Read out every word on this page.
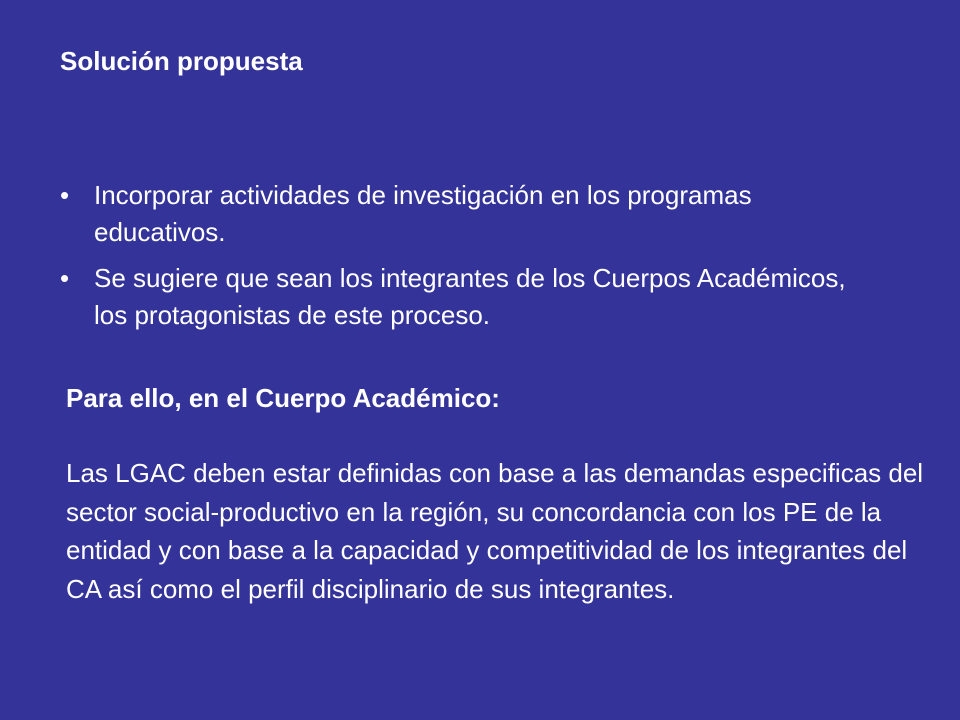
Solución propuesta
• Incorporar actividades de investigación en los programas educativos.
• Se sugiere que sean los integrantes de los Cuerpos Académicos, los protagonistas de este proceso.
Para ello, en el Cuerpo Académico:

Las LGAC deben estar definidas con base a las demandas especificas del sector social-productivo en la región, su concordancia con los PE de la entidad y con base a la capacidad y competitividad de los integrantes del CA así como el perfil disciplinario de sus integrantes.
